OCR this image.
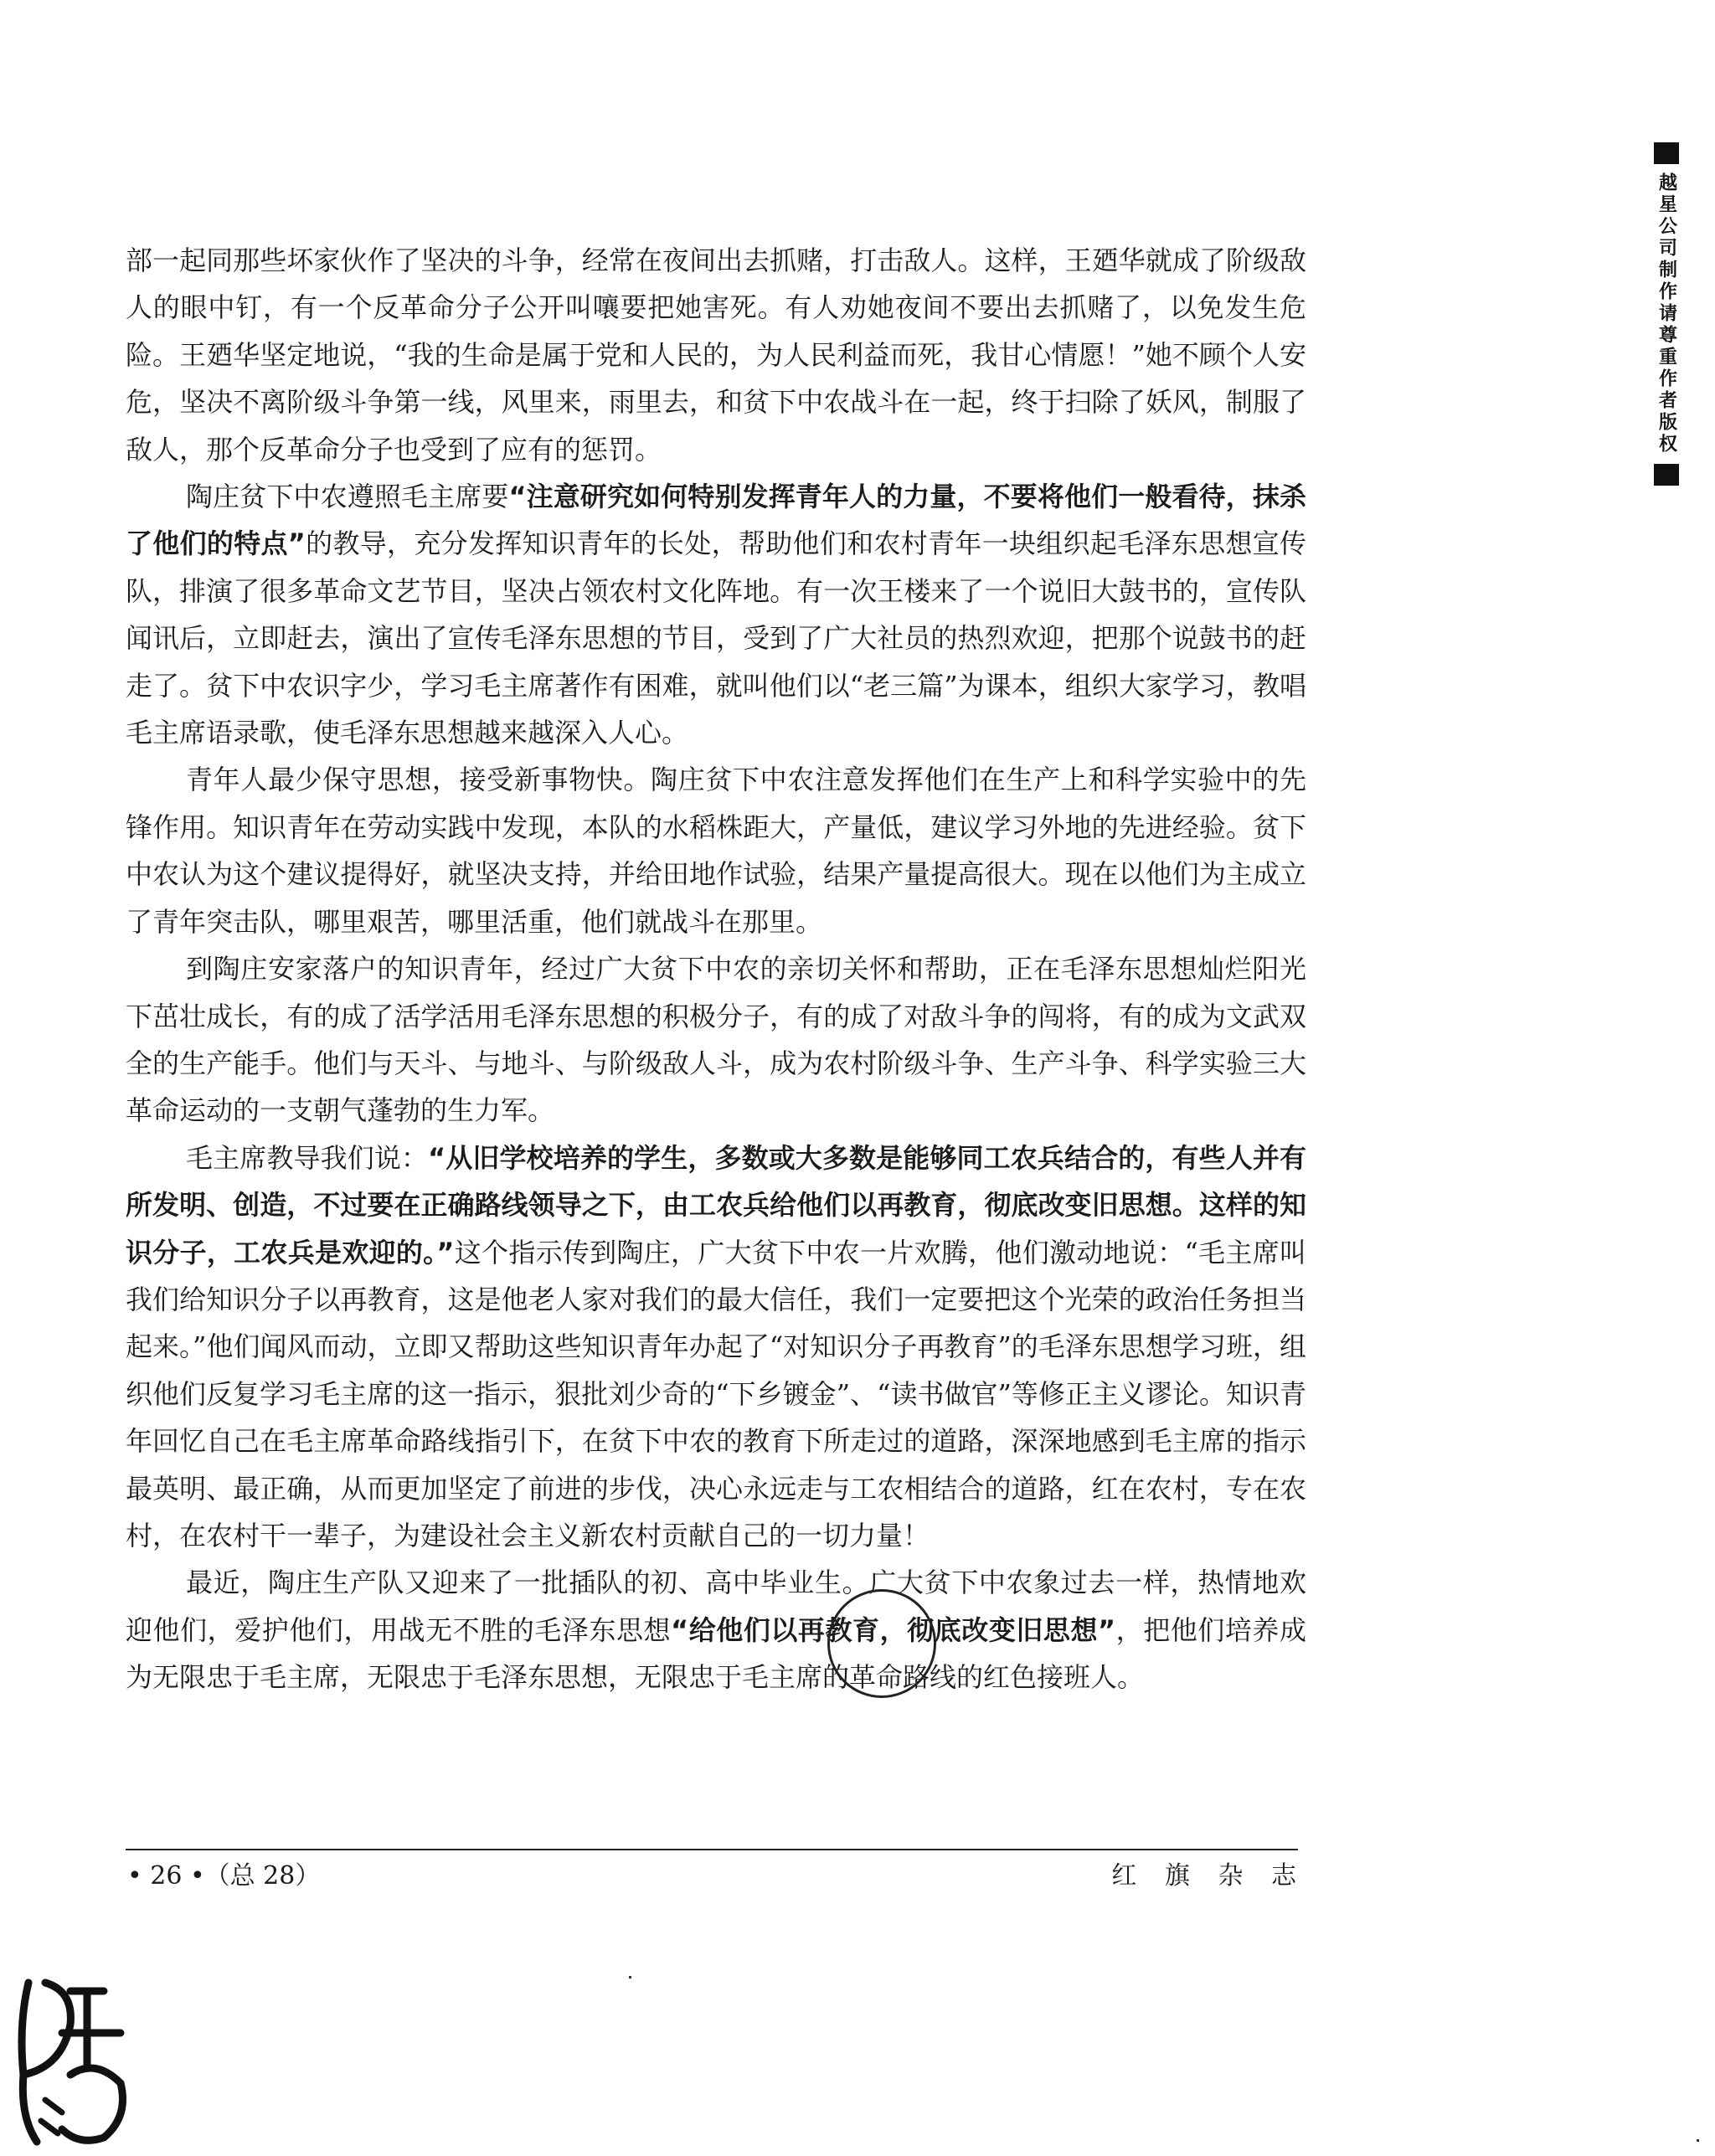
越星公司制作请尊重作者版权

部一起同那些坏家伙作了坚决的斗争，经常在夜间出去抓赌，打击敌人。这样，王廼华就成了阶级敌人的眼中钉，有一个反革命分子公开叫嚷要把她害死。有人劝她夜间不要出去抓赌了，以免发生危险。王廼华坚定地说，“我的生命是属于党和人民的，为人民利益而死，我甘心情愿！”她不顾个人安危，坚决不离阶级斗争第一线，风里来，雨里去，和贫下中农战斗在一起，终于扫除了妖风，制服了敌人，那个反革命分子也受到了应有的惩罚。

陶庄贫下中农遵照毛主席要“注意研究如何特别发挥青年人的力量，不要将他们一般看待，抹杀了他们的特点”的教导，充分发挥知识青年的长处，帮助他们和农村青年一块组织起毛泽东思想宣传队，排演了很多革命文艺节目，坚决占领农村文化阵地。有一次王楼来了一个说旧大鼓书的，宣传队闻讯后，立即赶去，演出了宣传毛泽东思想的节目，受到了广大社员的热烈欢迎，把那个说鼓书的赶走了。贫下中农识字少，学习毛主席著作有困难，就叫他们以“老三篇”为课本，组织大家学习，教唱毛主席语录歌，使毛泽东思想越来越深入人心。

青年人最少保守思想，接受新事物快。陶庄贫下中农注意发挥他们在生产上和科学实验中的先锋作用。知识青年在劳动实践中发现，本队的水稻株距大，产量低，建议学习外地的先进经验。贫下中农认为这个建议提得好，就坚决支持，并给田地作试验，结果产量提高很大。现在以他们为主成立了青年突击队，哪里艰苦，哪里活重，他们就战斗在那里。

到陶庄安家落户的知识青年，经过广大贫下中农的亲切关怀和帮助，正在毛泽东思想灿烂阳光下茁壮成长，有的成了活学活用毛泽东思想的积极分子，有的成了对敌斗争的闯将，有的成为文武双全的生产能手。他们与天斗、与地斗、与阶级敌人斗，成为农村阶级斗争、生产斗争、科学实验三大革命运动的一支朝气蓬勃的生力军。

毛主席教导我们说：“从旧学校培养的学生，多数或大多数是能够同工农兵结合的，有些人并有所发明、创造，不过要在正确路线领导之下，由工农兵给他们以再教育，彻底改变旧思想。这样的知识分子，工农兵是欢迎的。”这个指示传到陶庄，广大贫下中农一片欢腾，他们激动地说：“毛主席叫我们给知识分子以再教育，这是他老人家对我们的最大信任，我们一定要把这个光荣的政治任务担当起来。”他们闻风而动，立即又帮助这些知识青年办起了“对知识分子再教育”的毛泽东思想学习班，组织他们反复学习毛主席的这一指示，狠批刘少奇的“下乡镀金”、“读书做官”等修正主义谬论。知识青年回忆自己在毛主席革命路线指引下，在贫下中农的教育下所走过的道路，深深地感到毛主席的指示最英明、最正确，从而更加坚定了前进的步伐，决心永远走与工农相结合的道路，红在农村，专在农村，在农村干一辈子，为建设社会主义新农村贡献自己的一切力量！

最近，陶庄生产队又迎来了一批插队的初、高中毕业生。广大贫下中农象过去一样，热情地欢迎他们，爱护他们，用战无不胜的毛泽东思想“给他们以再教育，彻底改变旧思想”，把他们培养成为无限忠于毛主席，无限忠于毛泽东思想，无限忠于毛主席的革命路线的红色接班人。

• 26 •（总 28）	红 旗 杂 志
